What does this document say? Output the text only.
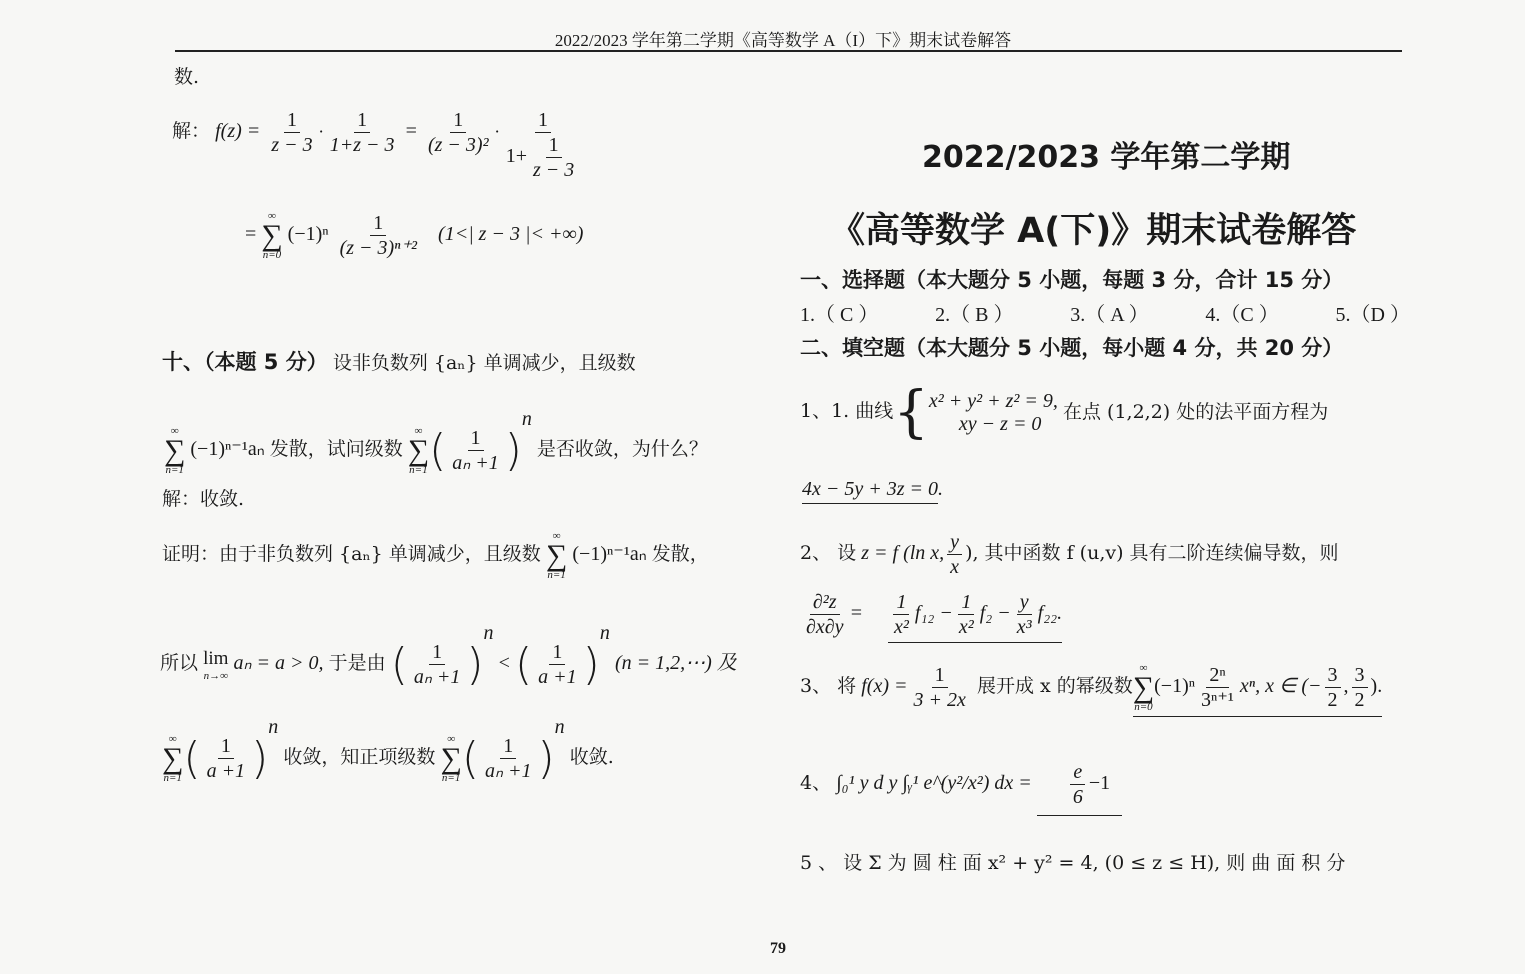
2022/2023 学年第二学期《高等数学 A（I）下》期末试卷解答
数.
解： $f(z) = \frac{1}{z - 3} \cdot \frac{1}{1+z - 3} = \frac{1}{\text{(z − 3)²}} \cdot \frac{1}{1+ \frac{1}{z - 3}}$
=
∞
∑
n=0
$(-1)^n \frac{1}{\text{(z − 3)ⁿ⁺²}} (1<|$ z − 3 |< +∞)
十、（本题 5 分） 设非负数列 {aₙ} 单调减少，且级数
∞
∑
n=1
(−1)ⁿ⁻¹aₙ 发散，试问级数
∞
∑
n=1 ( $\frac{1}{\text{aₙ +1}} )^n$ 是否收敛，为什么？
解：收敛.
证明：由于非负数列 {aₙ} 单调减少，且级数
∞
∑
n=1
(−1)ⁿ⁻¹aₙ 发散，
所以 lim
n→∞
aₙ = a > 0, 于是由 ( $\frac{1}{\text{aₙ +1}} )^n$ < ( $\frac{1}{a +1} )^n$ (n = 1,2,⋯) 及
∞
∑
n=1 ( $\frac{1}{a +1} )^n$ 收敛，知正项级数
∞
∑
n=1 ( $\frac{1}{\text{aₙ +1}} )^n$ 收敛.
2022/2023 学年第二学期
《高等数学 A(下)》期末试卷解答
一、选择题（本大题分 5 小题，每题 3 分，合计 15 分）
1.（ C ）	2.（ B ）	3.（ A ）	4.（C ）	5.（D ）
二、填空题（本大题分 5 小题，每小题 4 分，共 20 分）
1、1. 曲线{ x² + y² + z² = 9,
xy − z = 0
在点 (1,2,2) 处的法平面方程为
4x − 5y + 3z = 0.
2、 设 z = f (ln x, $\frac{y}{x}$ ), 其中函数 f (u,v) 具有二阶连续偏导数，则
$\frac{\text{∂²z}}{\partial x\partial y} = \frac{1}{\text{x²}} f_{12} - \frac{1}{\text{x²}} f_2 - \frac{y}{\text{x³}} f_{22}$.
3、 将 $f(x) = \frac{1}{3 + 2x}$ 展开成 x 的幂级数
∞
∑
n=0
$(-1)^n \frac{\text{2ⁿ}}{\text{3ⁿ⁺¹}} x^n$, x ∈ (− $\frac{3}{2}$ , $\frac{3}{2}$ ).
4、 ∫₀¹ y d y ∫ᵧ¹ e^(y²/x²) dx = $\frac{e}{6} -1$
5 、 设 Σ 为 圆 柱 面 x² + y² = 4, (0 ≤ z ≤ H), 则 曲 面 积 分
79
